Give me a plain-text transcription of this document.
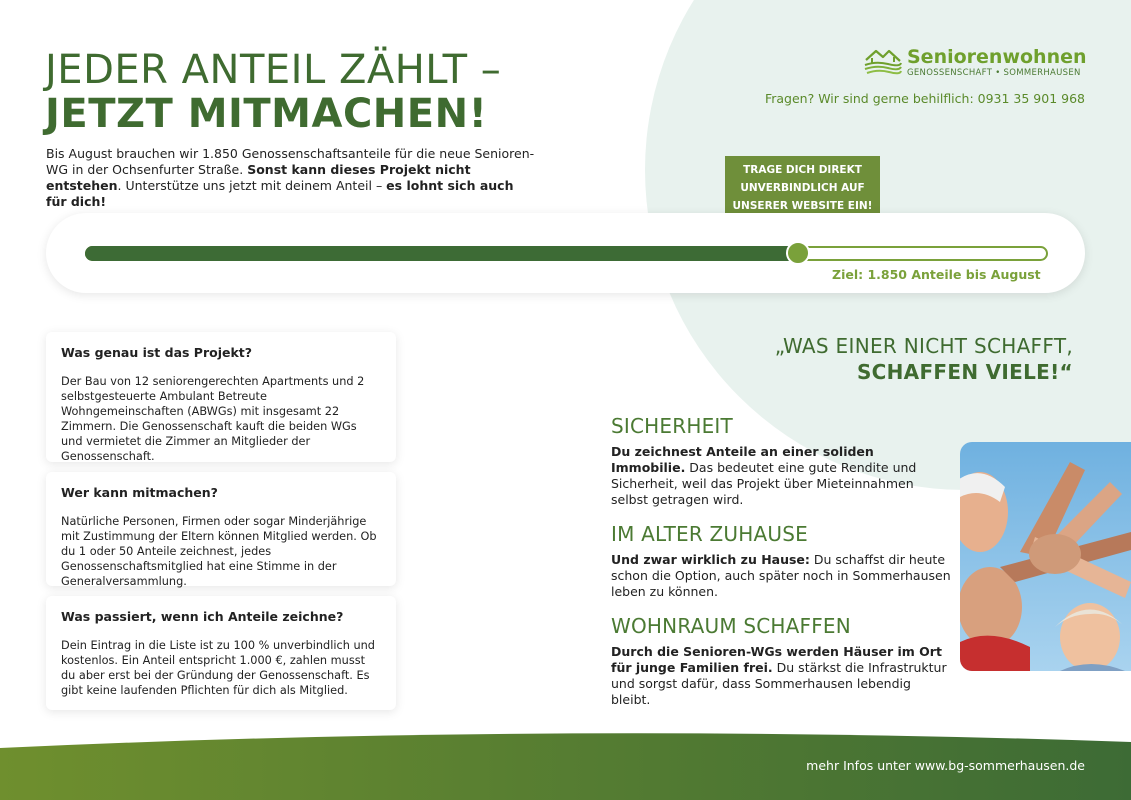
JEDER ANTEIL ZÄHLT –
JETZT MITMACHEN!

Bis August brauchen wir 1.850 Genossenschaftsanteile für die neue Senioren-WG in der Ochsenfurter Straße. Sonst kann dieses Projekt nicht entstehen. Unterstütze uns jetzt mit deinem Anteil – es lohnt sich auch für dich!

Seniorenwohnen
GENOSSENSCHAFT • SOMMERHAUSEN
Fragen? Wir sind gerne behilflich: 0931 35 901 968
TRAGE DICH DIREKT
UNVERBINDLICH AUF
UNSERER WEBSITE EIN!
Ziel: 1.850 Anteile bis August
Was genau ist das Projekt?

Der Bau von 12 seniorengerechten Apartments und 2 selbstgesteuerte Ambulant Betreute Wohngemeinschaften (ABWGs) mit insgesamt 22 Zimmern. Die Genossenschaft kauft die beiden WGs und vermietet die Zimmer an Mitglieder der Genossenschaft.

Wer kann mitmachen?

Natürliche Personen, Firmen oder sogar Minderjährige mit Zustimmung der Eltern können Mitglied werden. Ob du 1 oder 50 Anteile zeichnest, jedes Genossenschaftsmitglied hat eine Stimme in der Generalversammlung.

Was passiert, wenn ich Anteile zeichne?

Dein Eintrag in die Liste ist zu 100 % unverbindlich und kostenlos. Ein Anteil entspricht 1.000 €, zahlen musst du aber erst bei der Gründung der Genossenschaft. Es gibt keine laufenden Pflichten für dich als Mitglied.

„WAS EINER NICHT SCHAFFT,
SCHAFFEN VIELE!“
SICHERHEIT

Du zeichnest Anteile an einer soliden Immobilie. Das bedeutet eine gute Rendite und Sicherheit, weil das Projekt über Mieteinnahmen selbst getragen wird.

IM ALTER ZUHAUSE

Und zwar wirklich zu Hause: Du schaffst dir heute schon die Option, auch später noch in Sommerhausen leben zu können.

WOHNRAUM SCHAFFEN

Durch die Senioren-WGs werden Häuser im Ort für junge Familien frei. Du stärkst die Infrastruktur und sorgst dafür, dass Sommerhausen lebendig bleibt.

mehr Infos unter www.bg-sommerhausen.de
